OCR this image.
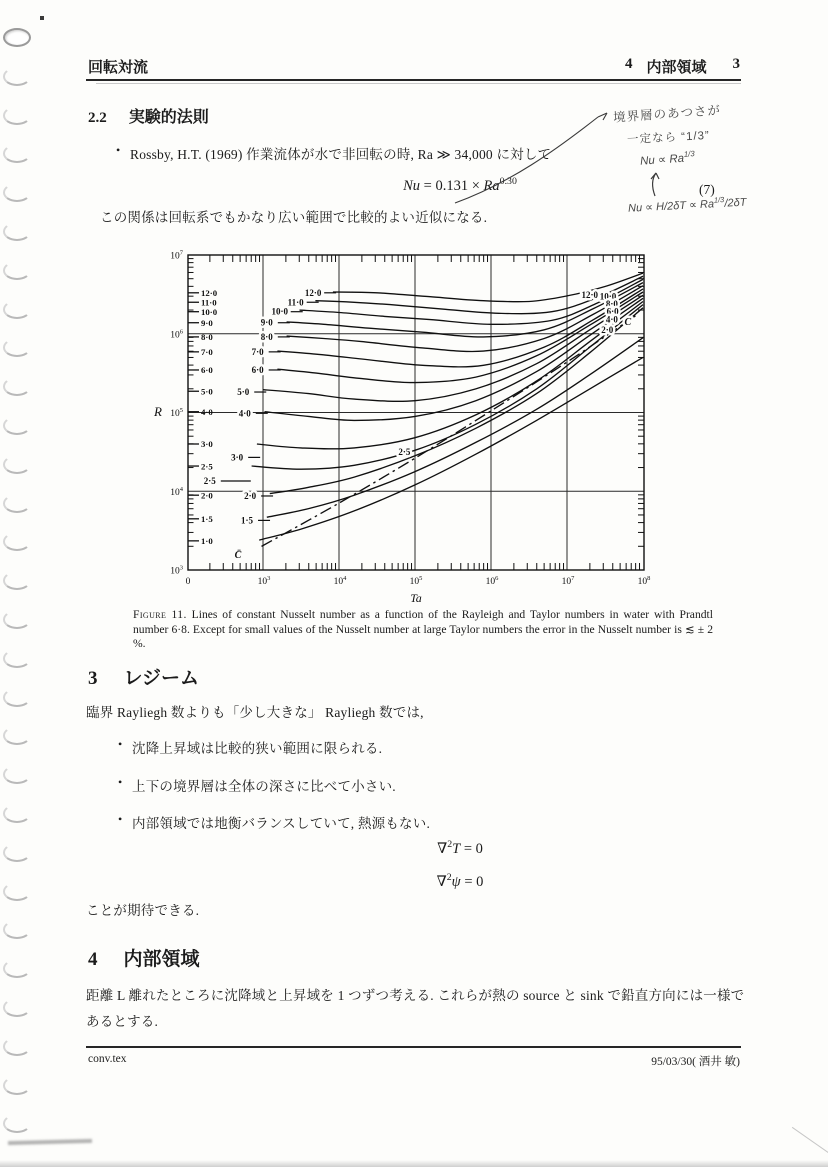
回転対流	4 内部領域 3
2.2 実験的法則
• Rossby, H.T. (1969) 作業流体が水で非回転の時, Ra ≫ 34,000 に対して
$Nu = 0.131 \times Ra^{0.30}$
(7)
この関係は回転系でもかなり広い範囲で比較的よい近似になる.
境界層のあつさが
一定なら “1/3”
$Nu \propto Ra^{1/3}$
$Nu \propto H/2\delta T \propto Ra^{1/3}/2\delta T$
12·0
11·0
10·0
9·0
8·0
7·0
6·0
5·0
4·0
3·0
2·5
2·0
1·5
1·0
$10^3$
$10^4$
$10^5$
$10^6$
$10^7$
$10^3$	$10^4$	$10^5$	$10^6$	$10^7$	$10^8$
0
Ta
R
12·0
11·0
10·0
9·0
8·0
7·0
6·0
5·0
4·0
3·0
2·5
2·0
1·5
C̄
2·5
12·0 10·0
8·0
6·0
4·0 C
2·0
Figure 11. Lines of constant Nusselt number as a function of the Rayleigh and Taylor numbers in water with Prandtl number 6·8. Except for small values of the Nusselt number at large Taylor numbers the error in the Nusselt number is ≲ ± 2 %.
3 レジーム
臨界 Rayliegh 数よりも「少し大きな」 Rayliegh 数では,
• 沈降上昇域は比較的狭い範囲に限られる.
• 上下の境界層は全体の深さに比べて小さい.
• 内部領域では地衡バランスしていて, 熱源もない.
∇$^2$T = 0
∇$^2$ψ = 0
ことが期待できる.
4 内部領域
距離 L 離れたところに沈降域と上昇域を 1 つずつ考える. これらが熱の source と sink で鉛直方向には一様であるとする.
conv.tex	95/03/30( 酒井 敏)
